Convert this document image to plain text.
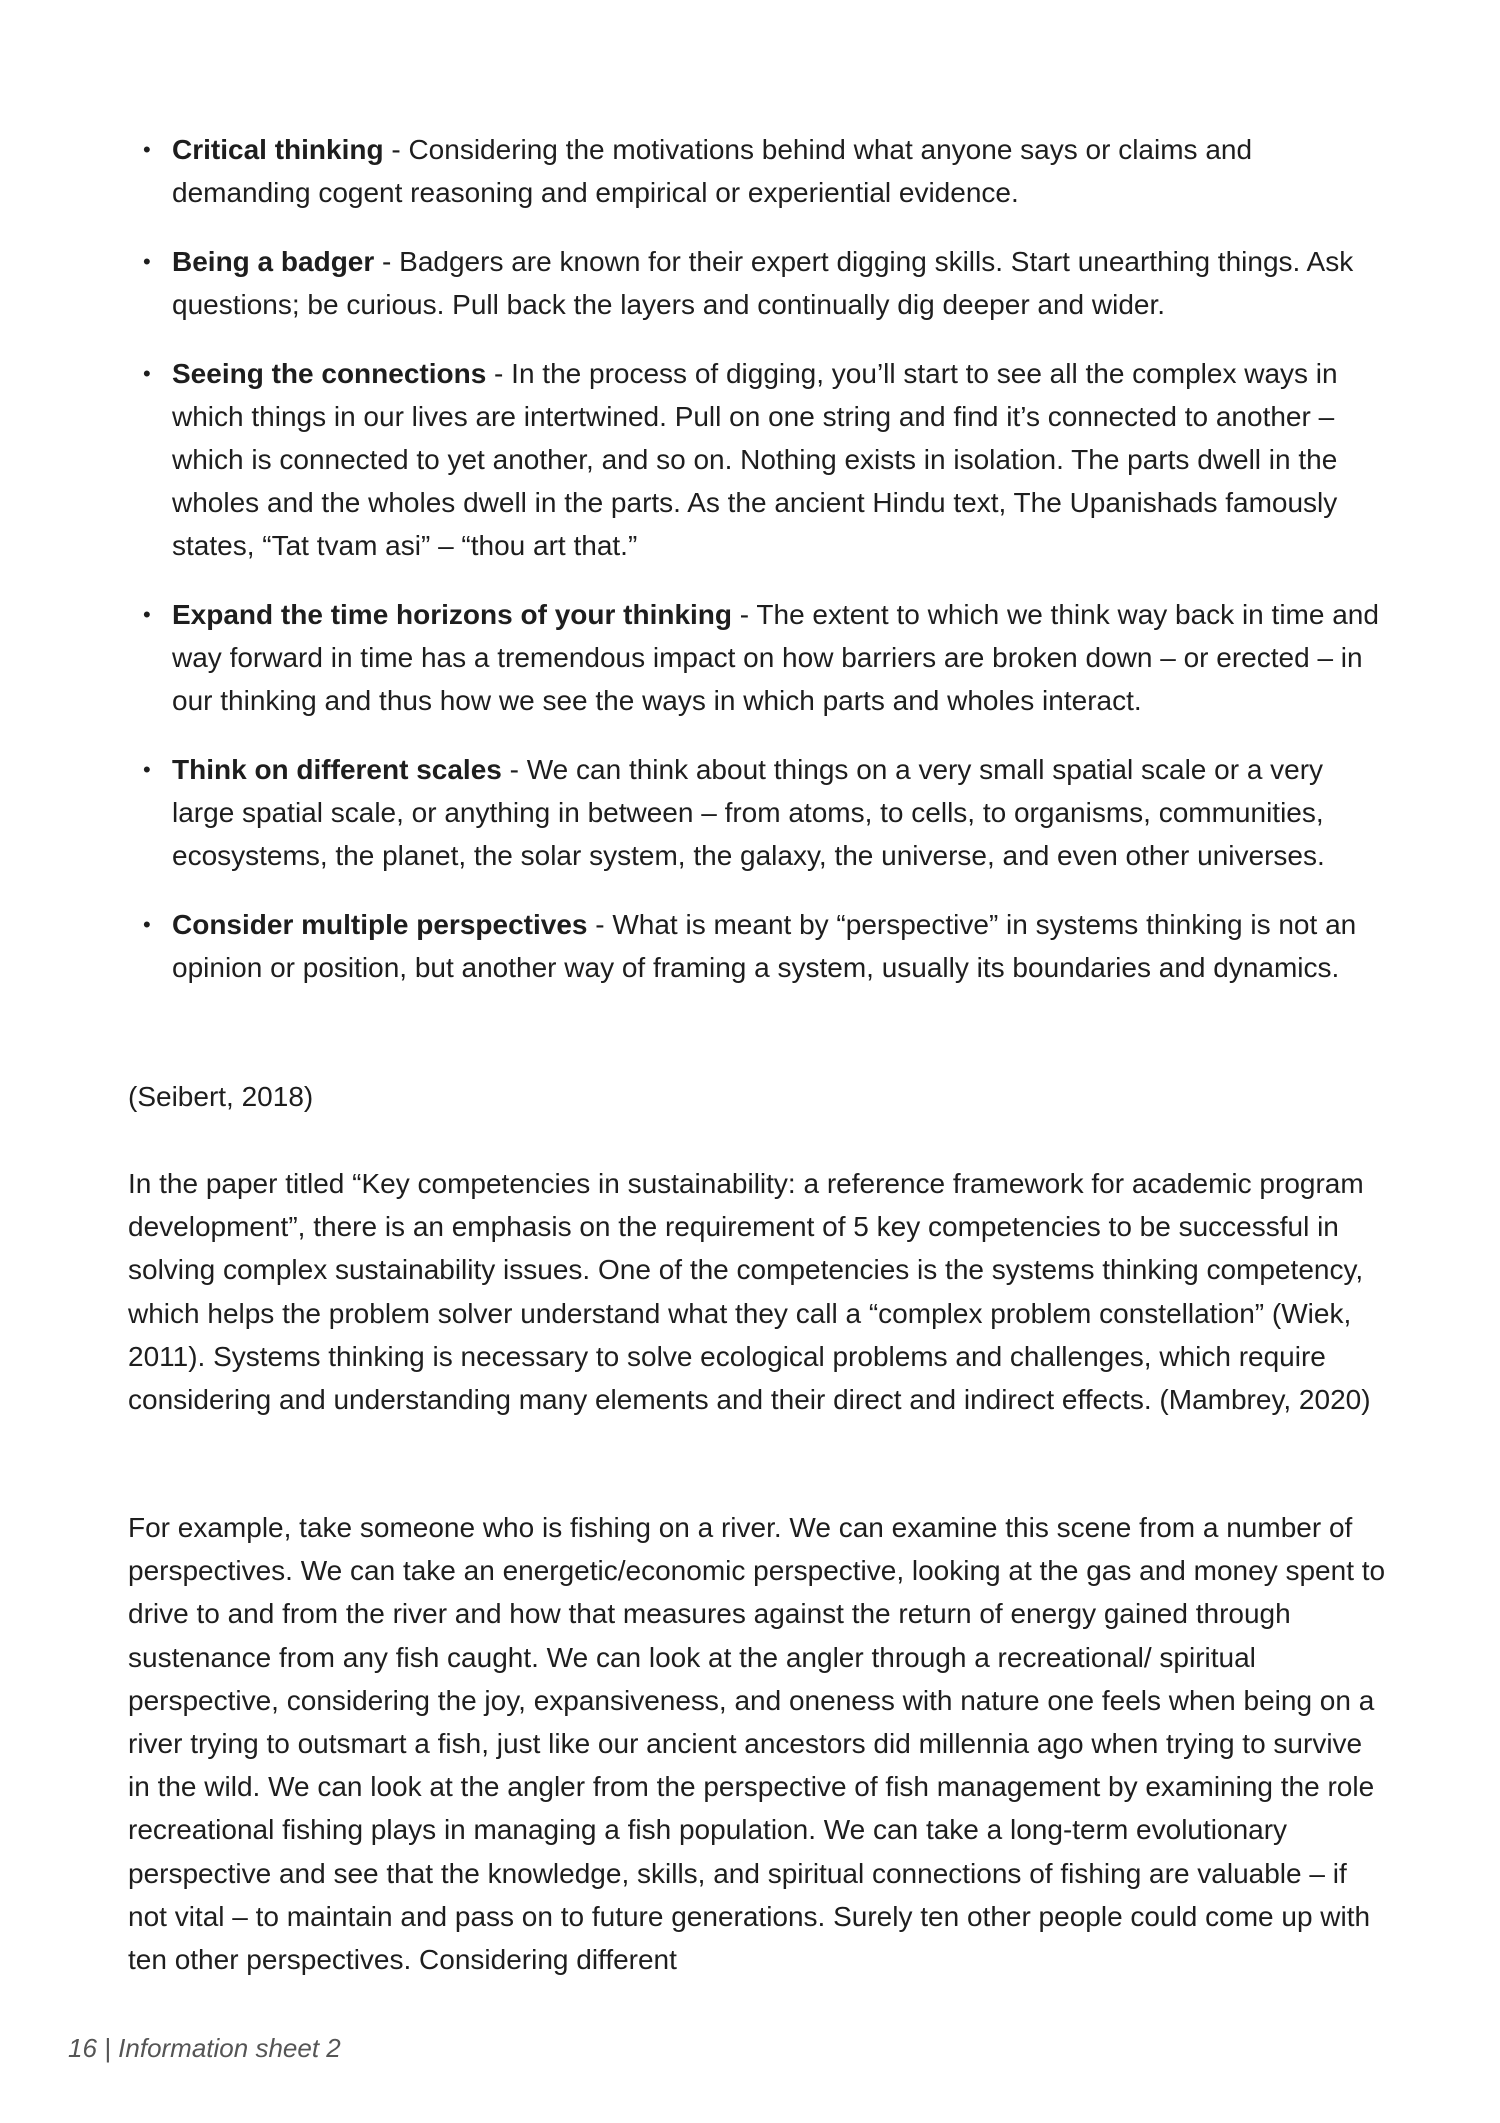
• Critical thinking - Considering the motivations behind what anyone says or claims and demanding cogent reasoning and empirical or experiential evidence.
• Being a badger - Badgers are known for their expert digging skills. Start unearthing things. Ask questions; be curious. Pull back the layers and continually dig deeper and wider.
• Seeing the connections - In the process of digging, you’ll start to see all the complex ways in which things in our lives are intertwined. Pull on one string and find it’s connected to another – which is connected to yet another, and so on. Nothing exists in isolation. The parts dwell in the wholes and the wholes dwell in the parts. As the ancient Hindu text, The Upanishads famously states, “Tat tvam asi” – “thou art that.”
• Expand the time horizons of your thinking - The extent to which we think way back in time and way forward in time has a tremendous impact on how barriers are broken down – or erected – in our thinking and thus how we see the ways in which parts and wholes interact.
• Think on different scales - We can think about things on a very small spatial scale or a very large spatial scale, or anything in between – from atoms, to cells, to organisms, communities, ecosystems, the planet, the solar system, the galaxy, the universe, and even other universes.
• Consider multiple perspectives - What is meant by “perspective” in systems thinking is not an opinion or position, but another way of framing a system, usually its boundaries and dynamics.

(Seibert, 2018)

In the paper titled “Key competencies in sustainability: a reference framework for academic program development”, there is an emphasis on the requirement of 5 key competencies to be successful in solving complex sustainability issues. One of the competencies is the systems thinking competency, which helps the problem solver understand what they call a “complex problem constellation” (Wiek, 2011). Systems thinking is necessary to solve ecological problems and challenges, which require considering and understanding many elements and their direct and indirect effects. (Mambrey, 2020)

For example, take someone who is fishing on a river. We can examine this scene from a number of perspectives. We can take an energetic/economic perspective, looking at the gas and money spent to drive to and from the river and how that measures against the return of energy gained through sustenance from any fish caught. We can look at the angler through a recreational/ spiritual perspective, considering the joy, expansiveness, and oneness with nature one feels when being on a river trying to outsmart a fish, just like our ancient ancestors did millennia ago when trying to survive in the wild. We can look at the angler from the perspective of fish management by examining the role recreational fishing plays in managing a fish population. We can take a long-term evolutionary perspective and see that the knowledge, skills, and spiritual connections of fishing are valuable – if not vital – to maintain and pass on to future generations. Surely ten other people could come up with ten other perspectives. Considering different

16 | Information sheet 2
